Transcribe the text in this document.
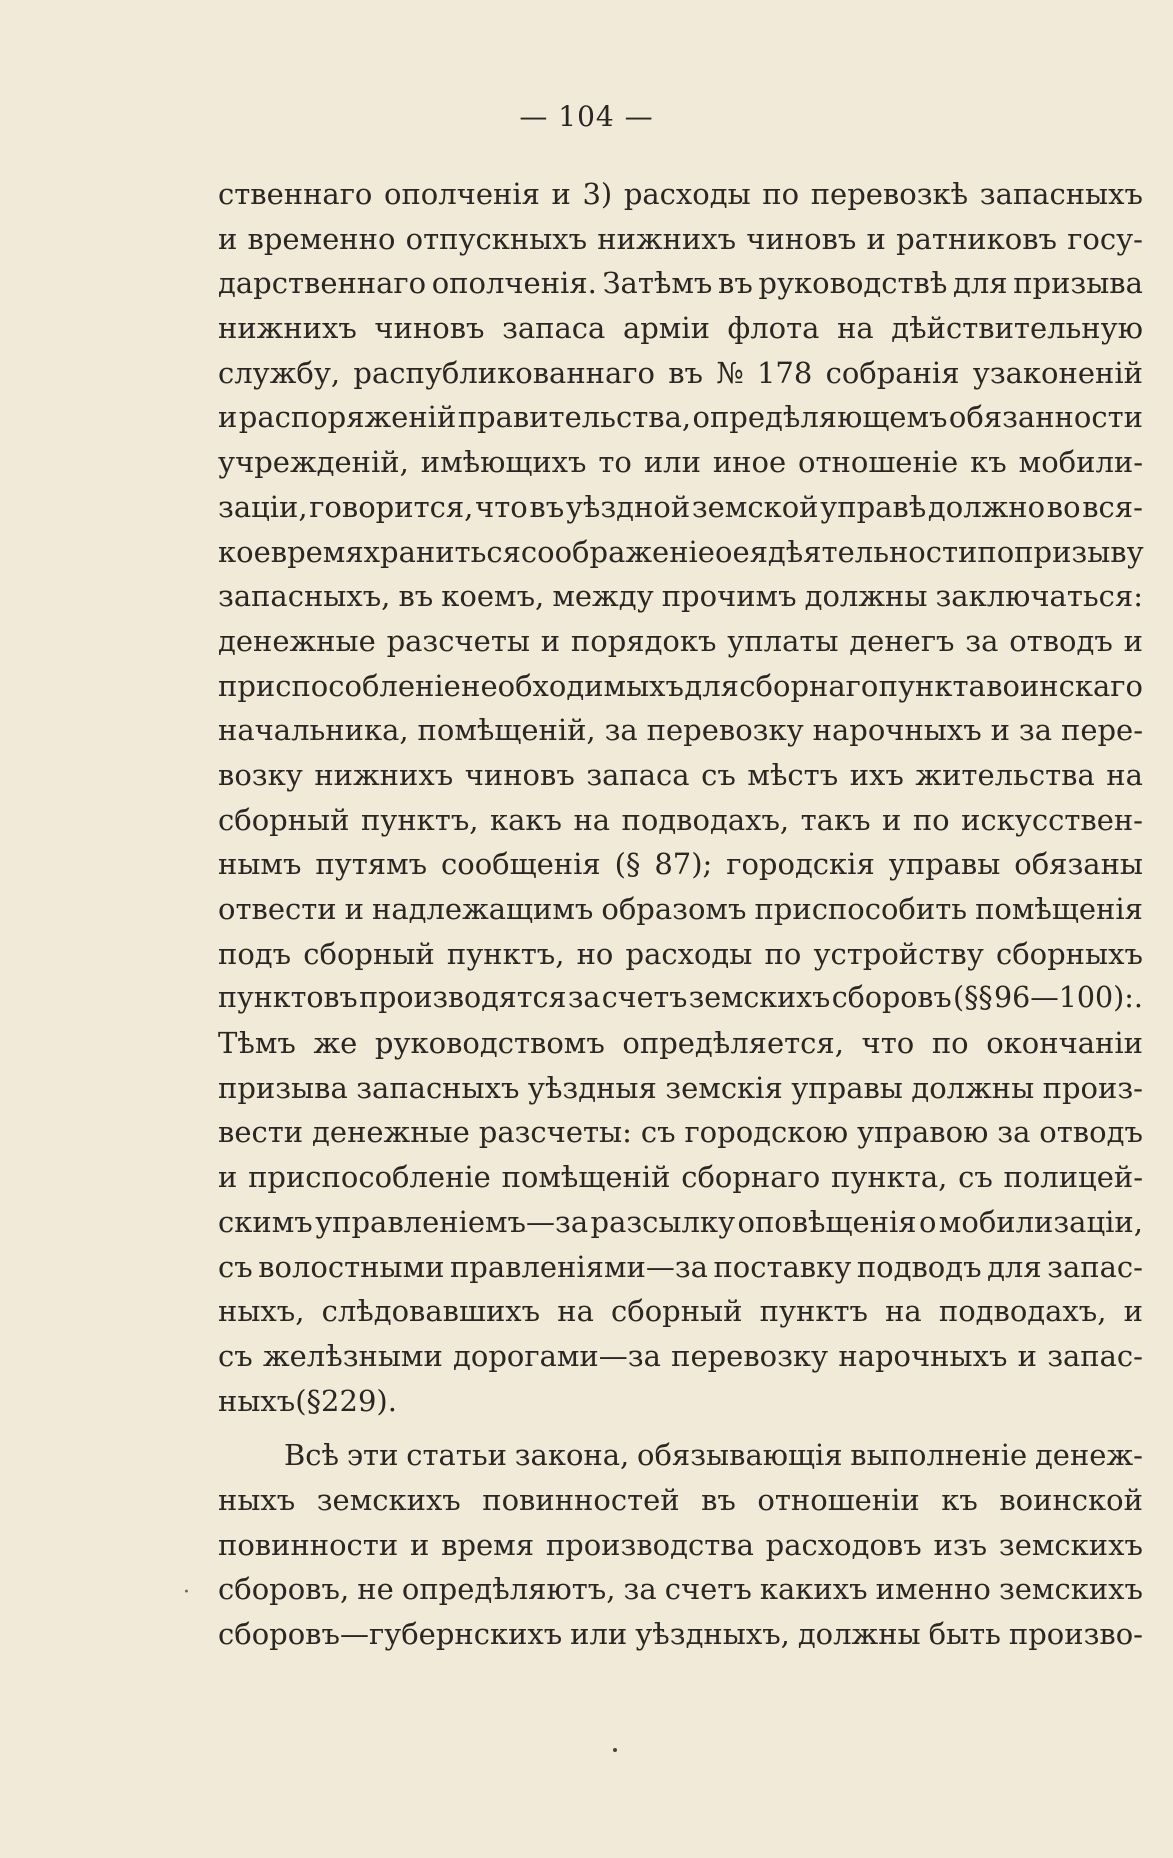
— 104 —
ственнаго ополченія и 3) расходы по перевозкѣ запасныхъ
и временно отпускныхъ нижнихъ чиновъ и ратниковъ госу-
дарственнаго ополченія. Затѣмъ въ руководствѣ для призыва
нижнихъ чиновъ запаса арміи флота на дѣйствительную
службу, распубликованнаго въ № 178 собранія узаконеній
и распоряженій правительства, опредѣляющемъ обязанности
учрежденій, имѣющихъ то или иное отношеніе къ мобили-
заціи, говорится, что въ уѣздной земской управѣ должно во вся-
кое время храниться соображеніе о ея дѣятельностипо призыву
запасныхъ, въ коемъ, между прочимъ должны заключаться:
денежные разсчеты и порядокъ уплаты денегъ за отводъ и
приспособленіе необходимыхъ для сборнаго пункта воинскаго
начальника, помѣщеній, за перевозку нарочныхъ и за пере-
возку нижнихъ чиновъ запаса съ мѣстъ ихъ жительства на
сборный пунктъ, какъ на подводахъ, такъ и по искусствен-
нымъ путямъ сообщенія (§ 87); городскія управы обязаны
отвести и надлежащимъ образомъ приспособить помѣщенія
подъ сборный пунктъ, но расходы по устройству сборныхъ
пунктовъ производятся за счетъ земскихъ сборовъ (§§ 96—100):.
Тѣмъ же руководствомъ опредѣляется, что по окончаніи
призыва запасныхъ уѣздныя земскія управы должны произ-
вести денежные разсчеты: съ городскою управою за отводъ
и приспособленіе помѣщеній сборнаго пункта, съ полицей-
скимъ управленіемъ—за разсылку оповѣщенія о мобилизаціи,
съ волостными правленіями—за поставку подводъ для запас-
ныхъ, слѣдовавшихъ на сборный пунктъ на подводахъ, и
съ желѣзными дорогами—за перевозку нарочныхъ и запас-
ныхъ (§ 229).
Всѣ эти статьи закона, обязывающія выполненіе денеж-
ныхъ земскихъ повинностей въ отношеніи къ воинской
повинности и время производства расходовъ изъ земскихъ
сборовъ, не опредѣляютъ, за счетъ какихъ именно земскихъ
сборовъ—губернскихъ или уѣздныхъ, должны быть произво-
·
